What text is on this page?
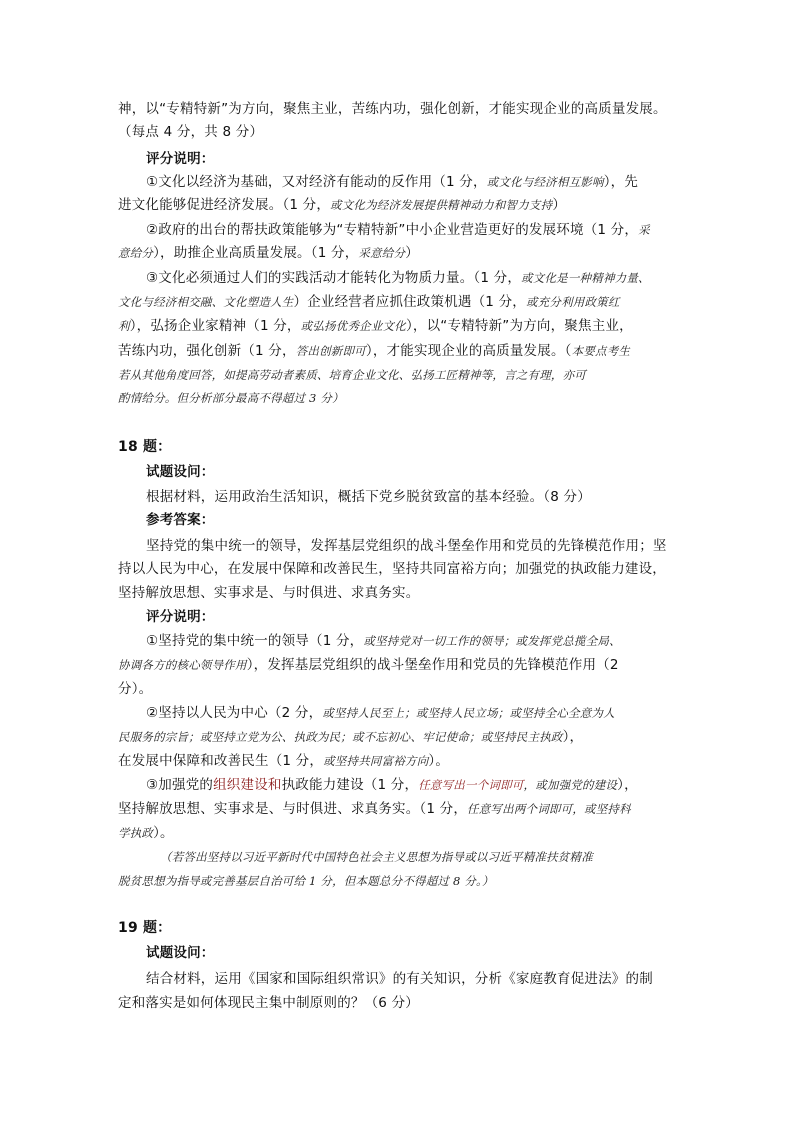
神，以“专精特新”为方向，聚焦主业，苦练内功，强化创新，才能实现企业的高质量发展。
（每点 4 分，共 8 分）
评分说明：
①文化以经济为基础，又对经济有能动的反作用（1 分，或文化与经济相互影响），先
进文化能够促进经济发展。（1 分，或文化为经济发展提供精神动力和智力支持）
②政府的出台的帮扶政策能够为“专精特新”中小企业营造更好的发展环境（1 分，采
意给分），助推企业高质量发展。（1 分，采意给分）
③文化必须通过人们的实践活动才能转化为物质力量。（1 分，或文化是一种精神力量、
文化与经济相交融、文化塑造人生）企业经营者应抓住政策机遇（1 分，或充分利用政策红
利），弘扬企业家精神（1 分，或弘扬优秀企业文化），以“专精特新”为方向，聚焦主业，
苦练内功，强化创新（1 分，答出创新即可），才能实现企业的高质量发展。（本要点考生
若从其他角度回答，如提高劳动者素质、培育企业文化、弘扬工匠精神等，言之有理，亦可
酌情给分。但分析部分最高不得超过 3 分）
18 题：
试题设问：
根据材料，运用政治生活知识，概括下党乡脱贫致富的基本经验。（8 分）
参考答案：
坚持党的集中统一的领导，发挥基层党组织的战斗堡垒作用和党员的先锋模范作用；坚
持以人民为中心，在发展中保障和改善民生，坚持共同富裕方向；加强党的执政能力建设，
坚持解放思想、实事求是、与时俱进、求真务实。
评分说明：
①坚持党的集中统一的领导（1 分，或坚持党对一切工作的领导；或发挥党总揽全局、
协调各方的核心领导作用），发挥基层党组织的战斗堡垒作用和党员的先锋模范作用（2
分）。
②坚持以人民为中心（2 分，或坚持人民至上；或坚持人民立场；或坚持全心全意为人
民服务的宗旨；或坚持立党为公、执政为民；或不忘初心、牢记使命；或坚持民主执政），
在发展中保障和改善民生（1 分，或坚持共同富裕方向）。
③加强党的组织建设和执政能力建设（1 分，任意写出一个词即可，或加强党的建设），
坚持解放思想、实事求是、与时俱进、求真务实。（1 分，任意写出两个词即可，或坚持科
学执政）。
（若答出坚持以习近平新时代中国特色社会主义思想为指导或以习近平精准扶贫精准
脱贫思想为指导或完善基层自治可给 1 分，但本题总分不得超过 8 分。）
19 题：
试题设问：
结合材料，运用《国家和国际组织常识》的有关知识，分析《家庭教育促进法》的制
定和落实是如何体现民主集中制原则的？（6 分）
